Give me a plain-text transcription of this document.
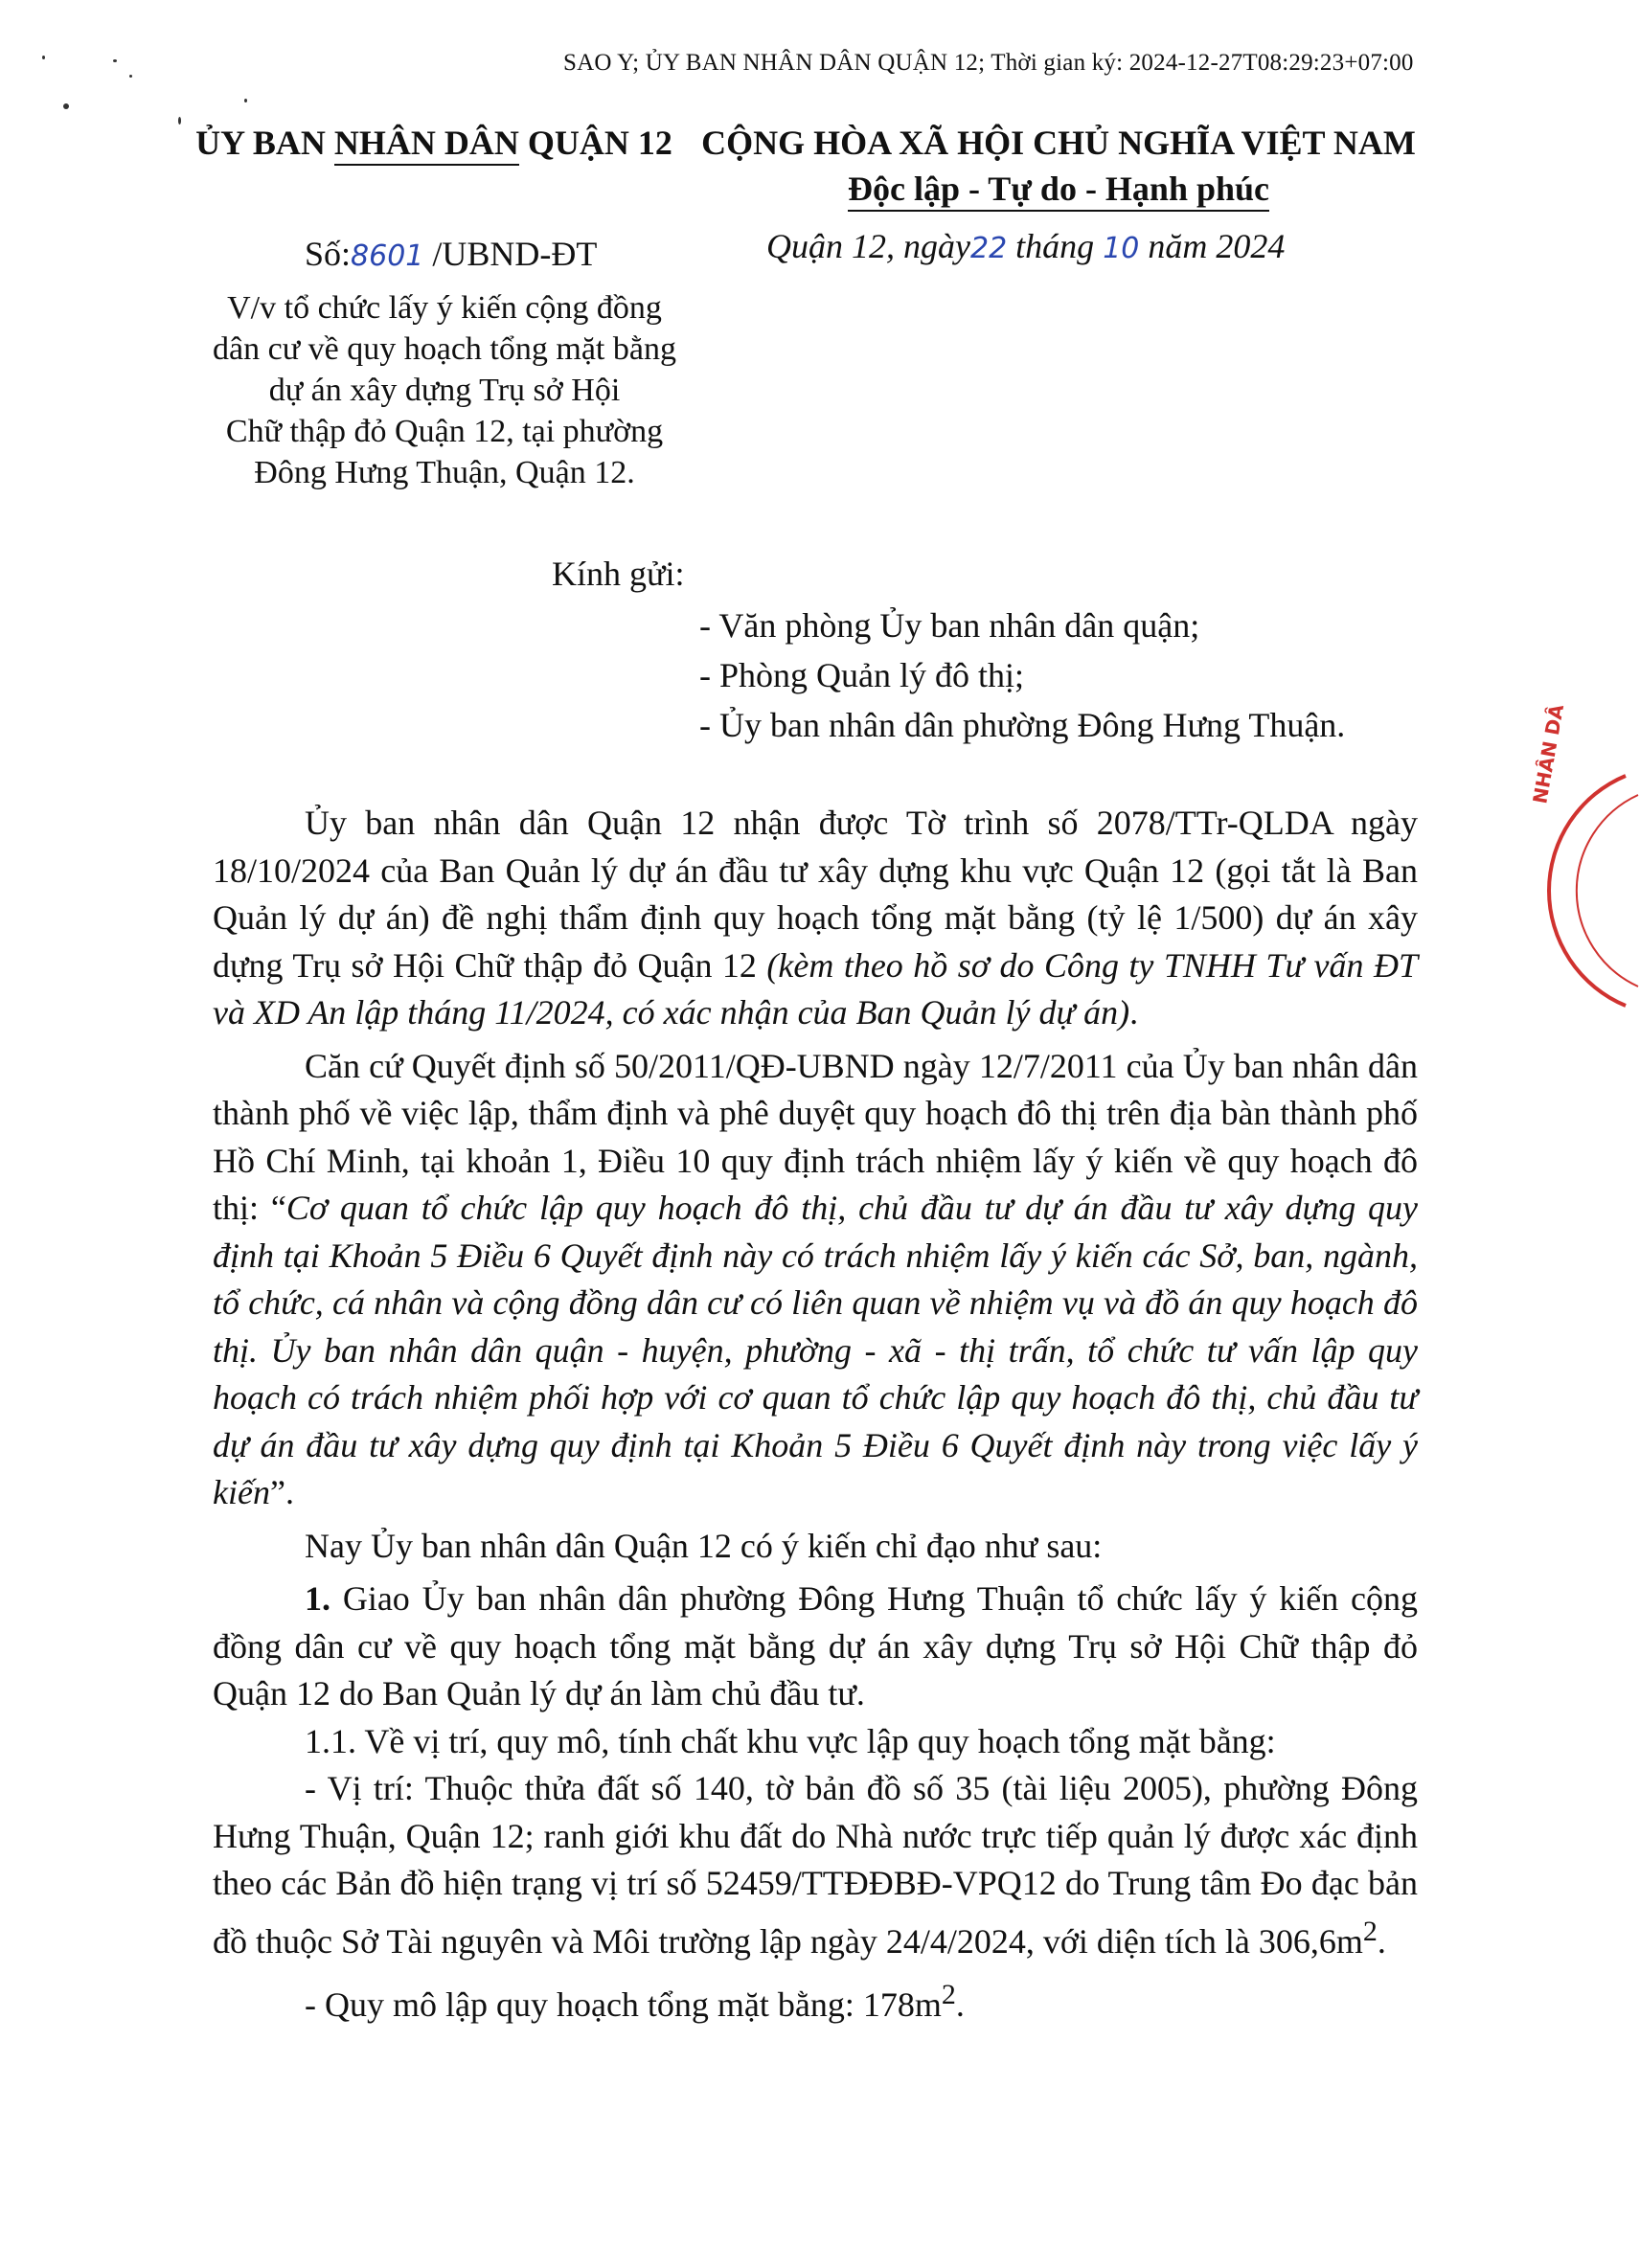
SAO Y; ỦY BAN NHÂN DÂN QUẬN 12; Thời gian ký: 2024-12-27T08:29:23+07:00
ỦY BAN NHÂN DÂN QUẬN 12 CỘNG HÒA XÃ HỘI CHỦ NGHĨA VIỆT NAM
Độc lập - Tự do - Hạnh phúc
Số:8601 /UBND-ĐT	Quận 12, ngày22 tháng 10 năm 2024
V/v tổ chức lấy ý kiến cộng đồng
dân cư về quy hoạch tổng mặt bằng
dự án xây dựng Trụ sở Hội
Chữ thập đỏ Quận 12, tại phường
Đông Hưng Thuận, Quận 12.
Kính gửi:
- Văn phòng Ủy ban nhân dân quận;
- Phòng Quản lý đô thị;
- Ủy ban nhân dân phường Đông Hưng Thuận.

Ủy ban nhân dân Quận 12 nhận được Tờ trình số 2078/TTr-QLDA ngày 18/10/2024 của Ban Quản lý dự án đầu tư xây dựng khu vực Quận 12 (gọi tắt là Ban Quản lý dự án) đề nghị thẩm định quy hoạch tổng mặt bằng (tỷ lệ 1/500) dự án xây dựng Trụ sở Hội Chữ thập đỏ Quận 12 (kèm theo hồ sơ do Công ty TNHH Tư vấn ĐT và XD An lập tháng 11/2024, có xác nhận của Ban Quản lý dự án).

Căn cứ Quyết định số 50/2011/QĐ-UBND ngày 12/7/2011 của Ủy ban nhân dân thành phố về việc lập, thẩm định và phê duyệt quy hoạch đô thị trên địa bàn thành phố Hồ Chí Minh, tại khoản 1, Điều 10 quy định trách nhiệm lấy ý kiến về quy hoạch đô thị: “Cơ quan tổ chức lập quy hoạch đô thị, chủ đầu tư dự án đầu tư xây dựng quy định tại Khoản 5 Điều 6 Quyết định này có trách nhiệm lấy ý kiến các Sở, ban, ngành, tổ chức, cá nhân và cộng đồng dân cư có liên quan về nhiệm vụ và đồ án quy hoạch đô thị. Ủy ban nhân dân quận - huyện, phường - xã - thị trấn, tổ chức tư vấn lập quy hoạch có trách nhiệm phối hợp với cơ quan tổ chức lập quy hoạch đô thị, chủ đầu tư dự án đầu tư xây dựng quy định tại Khoản 5 Điều 6 Quyết định này trong việc lấy ý kiến”.

Nay Ủy ban nhân dân Quận 12 có ý kiến chỉ đạo như sau:

1. Giao Ủy ban nhân dân phường Đông Hưng Thuận tổ chức lấy ý kiến cộng đồng dân cư về quy hoạch tổng mặt bằng dự án xây dựng Trụ sở Hội Chữ thập đỏ Quận 12 do Ban Quản lý dự án làm chủ đầu tư.

1.1. Về vị trí, quy mô, tính chất khu vực lập quy hoạch tổng mặt bằng:

- Vị trí: Thuộc thửa đất số 140, tờ bản đồ số 35 (tài liệu 2005), phường Đông Hưng Thuận, Quận 12; ranh giới khu đất do Nhà nước trực tiếp quản lý được xác định theo các Bản đồ hiện trạng vị trí số 52459/TTĐĐBĐ-VPQ12 do Trung tâm Đo đạc bản đồ thuộc Sở Tài nguyên và Môi trường lập ngày 24/4/2024, với diện tích là $306,6m^2$.

- Quy mô lập quy hoạch tổng mặt bằng: $178m^2$.

NHÂN DÂ
